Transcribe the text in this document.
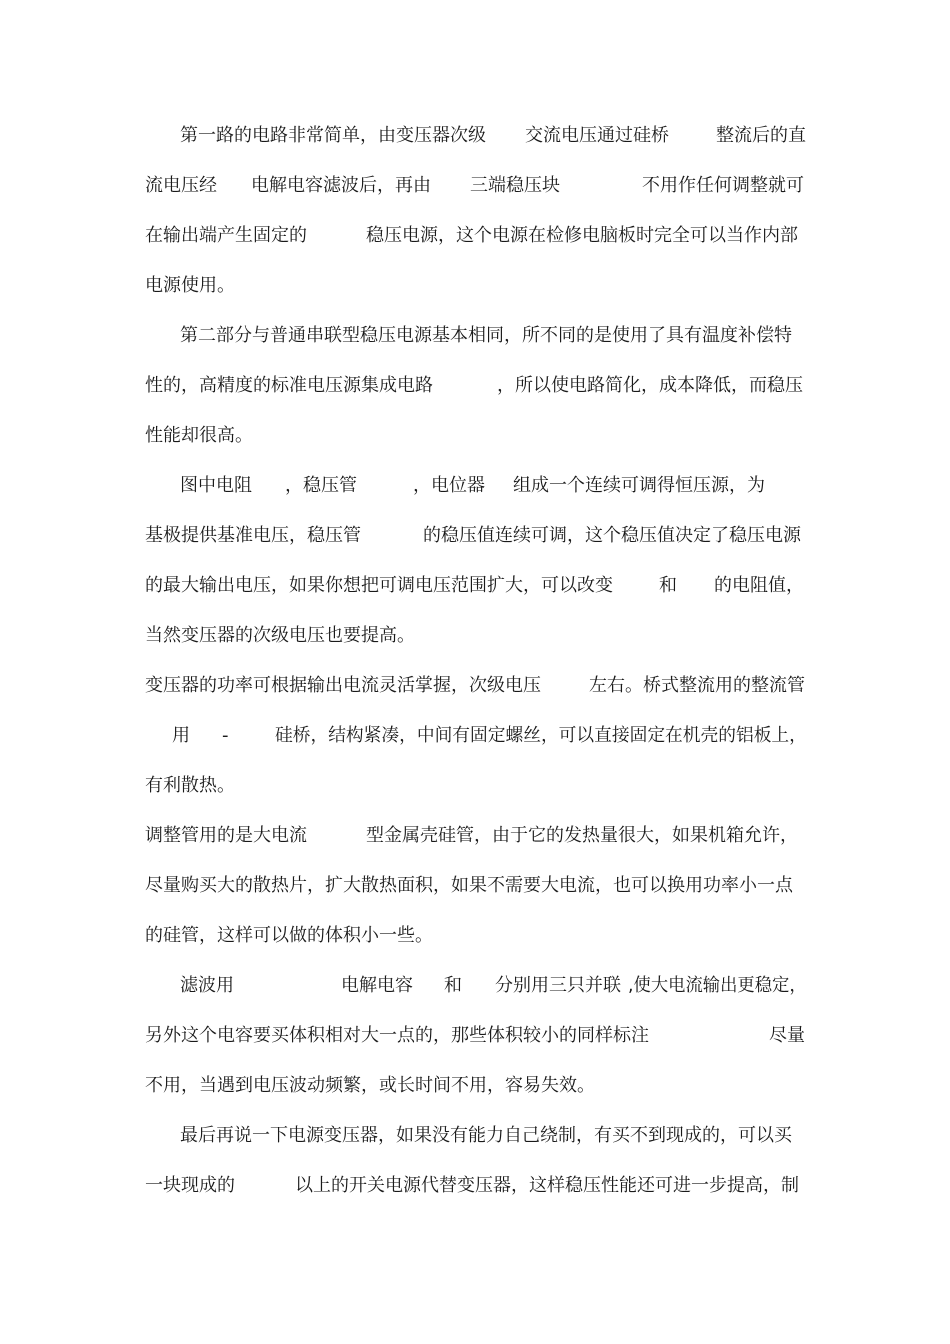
第一路的电路非常简单，由变压器次级 交流电压通过硅桥	整流后的直
流电压经 电解电容滤波后，再由 三端稳压块	不用作任何调整就可
在输出端产生固定的	稳压电源，这个电源在检修电脑板时完全可以当作内部
电源使用。
第二部分与普通串联型稳压电源基本相同，所不同的是使用了具有温度补偿特
性的，高精度的标准电压源集成电路	，所以使电路简化，成本降低，而稳压
性能却很高。
图中电阻 ，稳压管	，电位器 组成一个连续可调得恒压源，为
基极提供基准电压，稳压管	的稳压值连续可调，这个稳压值决定了稳压电源
的最大输出电压，如果你想把可调电压范围扩大，可以改变	和 的电阻值，
当然变压器的次级电压也要提高。
变压器的功率可根据输出电流灵活掌握，次级电压	左右。桥式整流用的整流管
用 -	硅桥，结构紧凑，中间有固定螺丝，可以直接固定在机壳的铝板上，
有利散热。
调整管用的是大电流	型金属壳硅管，由于它的发热量很大，如果机箱允许，
尽量购买大的散热片，扩大散热面积，如果不需要大电流，也可以换用功率小一点
的硅管，这样可以做的体积小一些。
滤波用	电解电容 和 分别用三只并联 ,使大电流输出更稳定，
另外这个电容要买体积相对大一点的，那些体积较小的同样标注	尽量
不用，当遇到电压波动频繁，或长时间不用，容易失效。
最后再说一下电源变压器，如果没有能力自己绕制，有买不到现成的，可以买
一块现成的	以上的开关电源代替变压器，这样稳压性能还可进一步提高，制
